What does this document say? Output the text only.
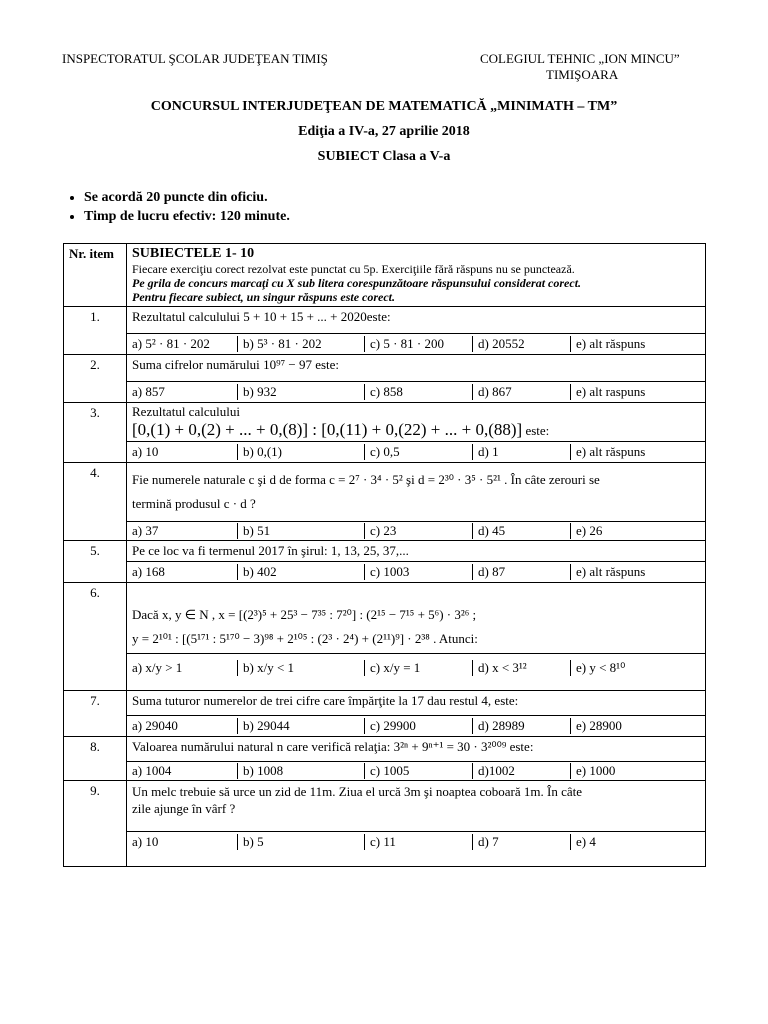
INSPECTORATUL ŞCOLAR JUDEŢEAN TIMIŞ	COLEGIUL TEHNIC „ION MINCU”
TIMIŞOARA
CONCURSUL INTERJUDEŢEAN DE MATEMATICĂ „MINIMATH – TM”
Ediţia a IV-a, 27 aprilie 2018
SUBIECT Clasa a V-a
• Se acordă 20 puncte din oficiu.
• Timp de lucru efectiv: 120 minute.
Nr. item	SUBIECTELE 1- 10
Fiecare exerciţiu corect rezolvat este punctat cu 5p. Exerciţiile fără răspuns nu se punctează.
Pe grila de concurs marcaţi cu X sub litera corespunzătoare răspunsului considerat corect.
Pentru fiecare subiect, un singur răspuns este corect.

1.	Rezultatul calculului 5 + 10 + 15 + ... + 2020este:

	a) 5² · 81 · 202 b) 5³ · 81 · 202 c) 5 · 81 · 200 d) 20552 e) alt răspuns

2.	Suma cifrelor numărului 10⁹⁷ − 97 este:

	a) 857 b) 932 c) 858 d) 867 e) alt raspuns

3.	Rezultatul calculului
[0,(1) + 0,(2) + ... + 0,(8)] : [0,(11) + 0,(22) + ... + 0,(88)] este:

	a) 10 b) 0,(1) c) 0,5 d) 1 e) alt răspuns

4.	Fie numerele naturale c şi d de forma c = 2⁷ · 3⁴ · 5² şi d = 2³⁰ · 3⁵ · 5²¹ . În câte zerouri se
termină produsul c · d ?

	a) 37 b) 51 c) 23 d) 45 e) 26

5.	Pe ce loc va fi termenul 2017 în şirul: 1, 13, 25, 37,...

	a) 168 b) 402 c) 1003 d) 87 e) alt răspuns

6.	Dacă x, y ∈ N , x = [(2³)⁵ + 25³ − 7³⁵ : 7²⁰] : (2¹⁵ − 7¹⁵ + 5⁶) · 3²⁶ ;
y = 2¹⁰¹ : [(5¹⁷¹ : 5¹⁷⁰ − 3)⁹⁸ + 2¹⁰⁵ : (2³ · 2⁴) + (2¹¹)⁹] · 2³⁸ . Atunci:

	a) x/y > 1 b) x/y < 1 c) x/y = 1 d) x < 3¹² e) y < 8¹⁰

7.	Suma tuturor numerelor de trei cifre care împărţite la 17 dau restul 4, este:

	a) 29040 b) 29044 c) 29900 d) 28989 e) 28900

8.	Valoarea numărului natural n care verifică relaţia: 3²ⁿ + 9ⁿ⁺¹ = 30 · 3²⁰⁰⁹ este:

	a) 1004 b) 1008 c) 1005 d)1002 e) 1000

9.	Un melc trebuie să urce un zid de 11m. Ziua el urcă 3m şi noaptea coboară 1m. În câte
zile ajunge în vârf ?

	a) 10 b) 5 c) 11 d) 7 e) 4
